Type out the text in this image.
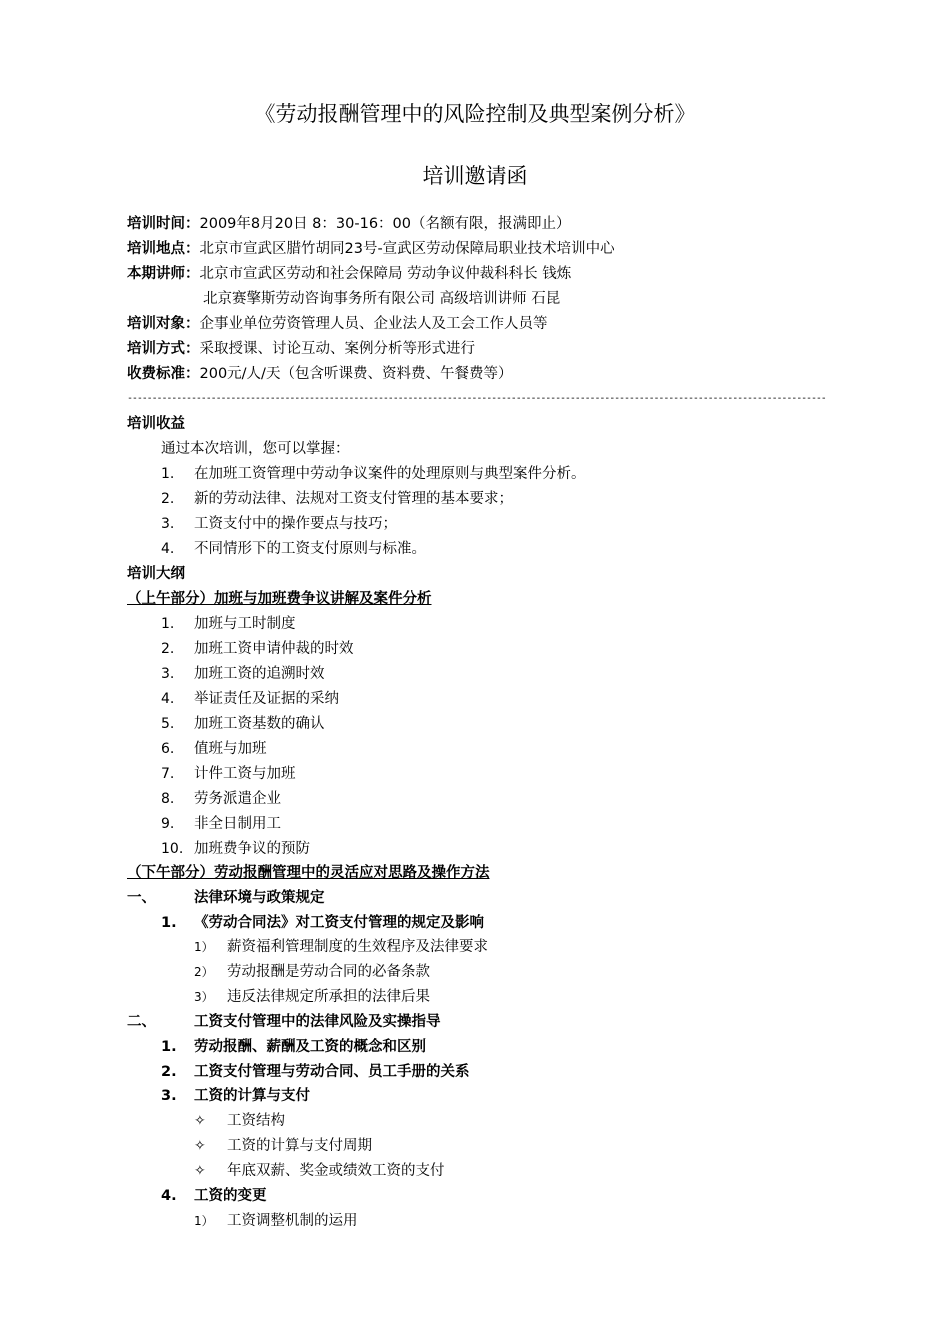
《劳动报酬管理中的风险控制及典型案例分析》
培训邀请函
培训时间：2009年8月20日 8：30-16：00（名额有限，报满即止）
培训地点：北京市宣武区腊竹胡同23号-宣武区劳动保障局职业技术培训中心
本期讲师：北京市宣武区劳动和社会保障局 劳动争议仲裁科科长 钱炼
北京赛擎斯劳动咨询事务所有限公司 高级培训讲师 石昆
培训对象：企事业单位劳资管理人员、企业法人及工会工作人员等
培训方式：采取授课、讨论互动、案例分析等形式进行
收费标准：200元/人/天（包含听课费、资料费、午餐费等）
----------------------------------------------------------------------------------------------------------------------------------------------
培训收益
通过本次培训，您可以掌握：
1. 在加班工资管理中劳动争议案件的处理原则与典型案件分析。
2. 新的劳动法律、法规对工资支付管理的基本要求；
3. 工资支付中的操作要点与技巧；
4. 不同情形下的工资支付原则与标准。
培训大纲
（上午部分）加班与加班费争议讲解及案件分析
1. 加班与工时制度
2. 加班工资申请仲裁的时效
3. 加班工资的追溯时效
4. 举证责任及证据的采纳
5. 加班工资基数的确认
6. 值班与加班
7. 计件工资与加班
8. 劳务派遣企业
9. 非全日制用工
10. 加班费争议的预防
（下午部分）劳动报酬管理中的灵活应对思路及操作方法
一、	法律环境与政策规定
1. 《劳动合同法》对工资支付管理的规定及影响
1） 薪资福利管理制度的生效程序及法律要求
2） 劳动报酬是劳动合同的必备条款
3） 违反法律规定所承担的法律后果
二、	工资支付管理中的法律风险及实操指导
1. 劳动报酬、薪酬及工资的概念和区别
2. 工资支付管理与劳动合同、员工手册的关系
3. 工资的计算与支付
✧ 工资结构
✧ 工资的计算与支付周期
✧ 年底双薪、奖金或绩效工资的支付
4. 工资的变更
1） 工资调整机制的运用
